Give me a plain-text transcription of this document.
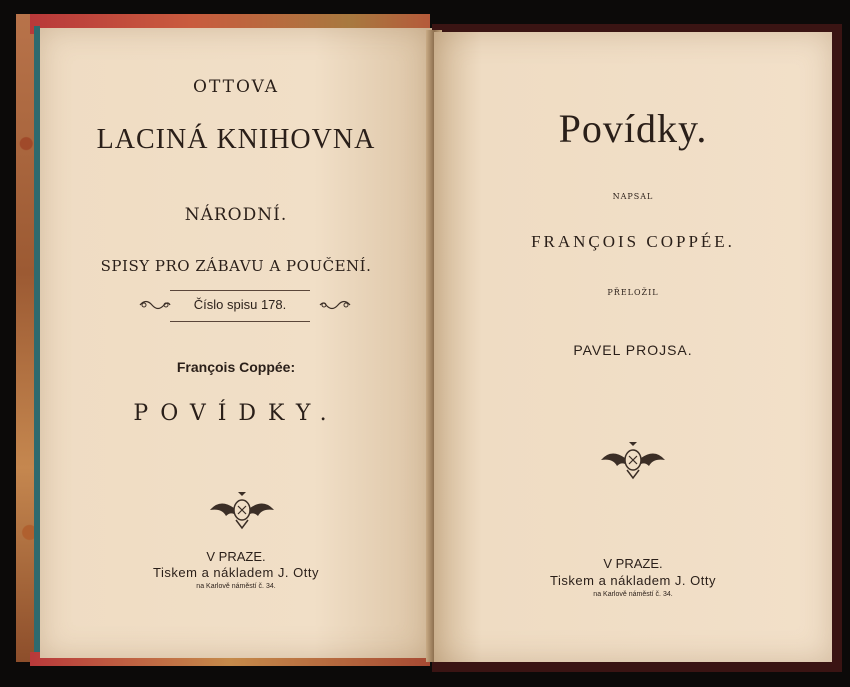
OTTOVA
LACINÁ KNIHOVNA
NÁRODNÍ.
SPISY PRO ZÁBAVU A POUČENÍ.
Číslo spisu 178.
François Coppée:
POVÍDKY.
V PRAZE.
Tiskem a nákladem J. Otty
na Karlově náměstí č. 34.
Povídky.
NAPSAL
FRANÇOIS COPPÉE.
PŘELOŽIL
PAVEL PROJSA.
V PRAZE.
Tiskem a nákladem J. Otty
na Karlově náměstí č. 34.
